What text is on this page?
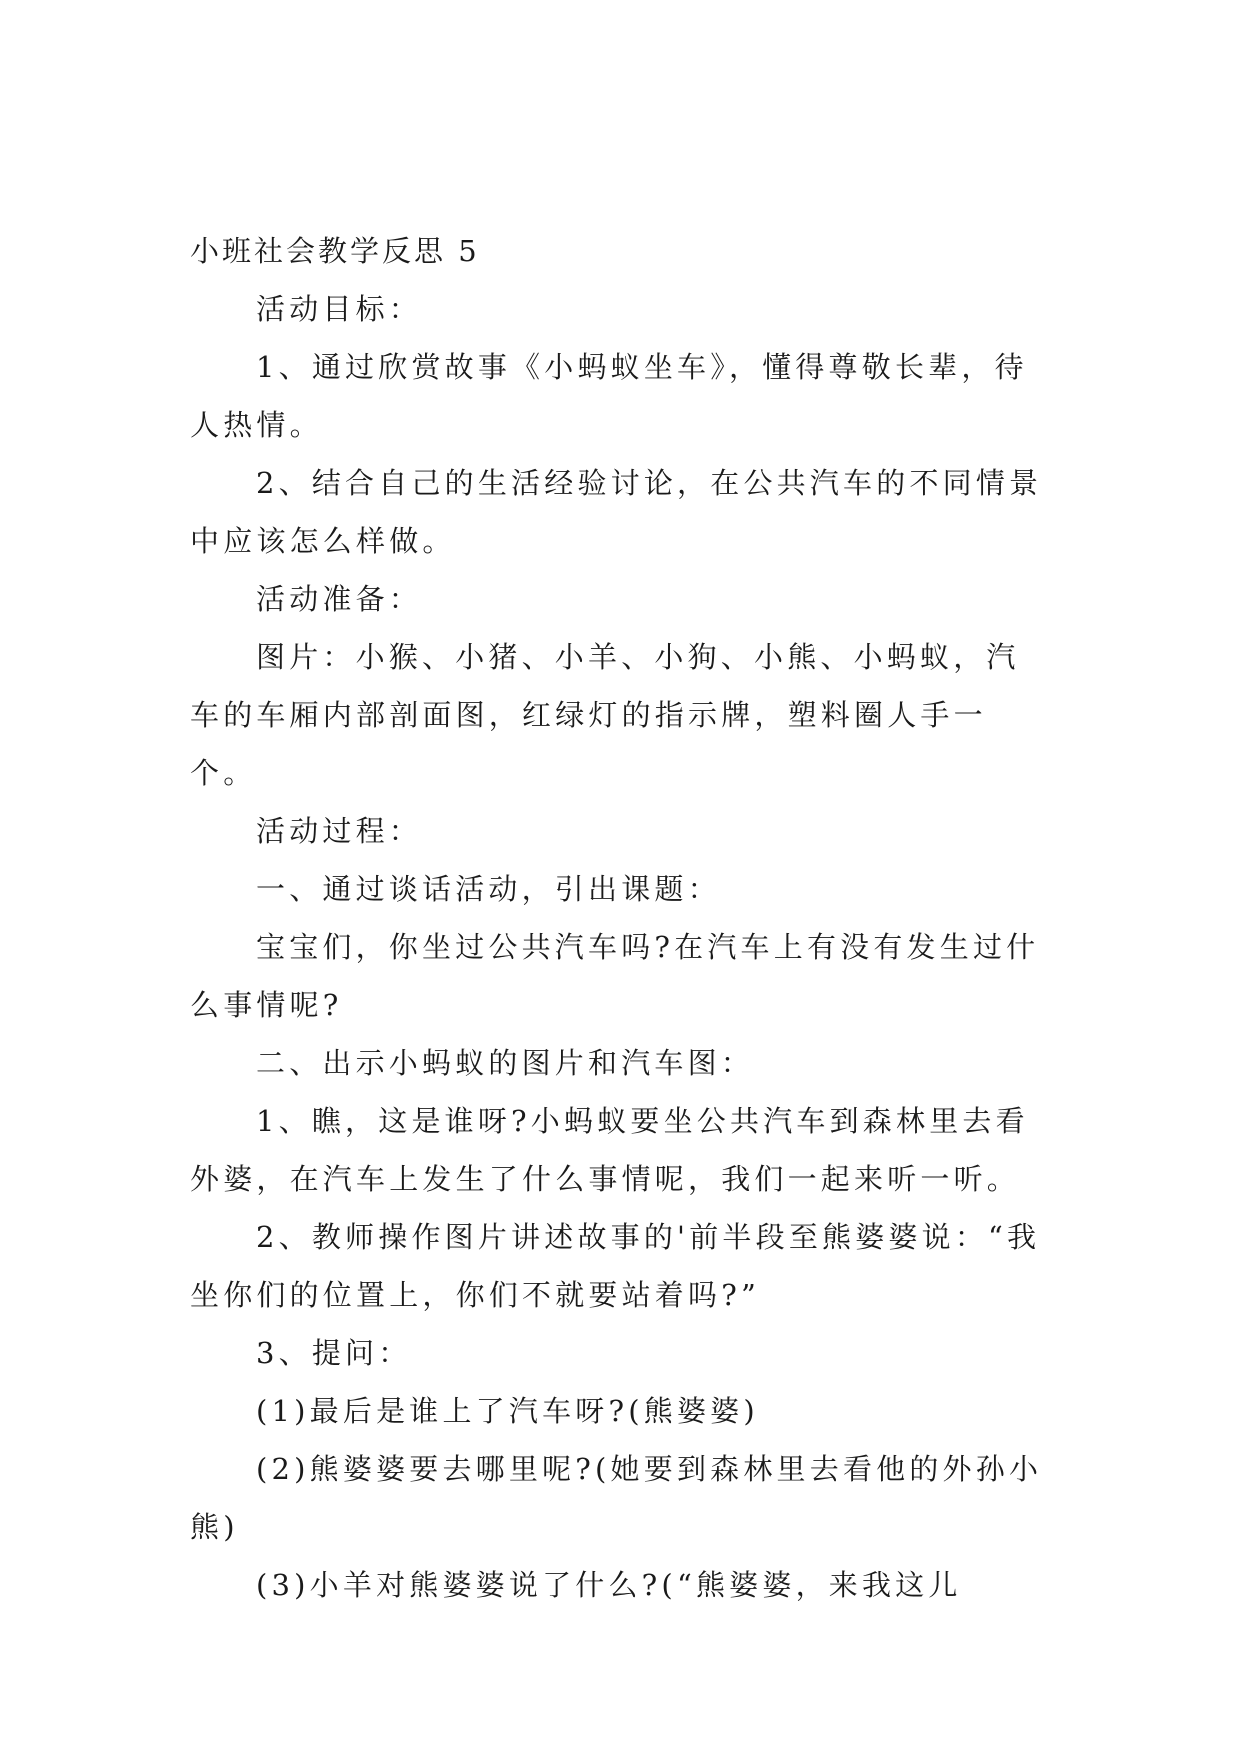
小班社会教学反思 5

活动目标：

1、通过欣赏故事《小蚂蚁坐车》，懂得尊敬长辈，待人热情。

2、结合自己的生活经验讨论，在公共汽车的不同情景中应该怎么样做。

活动准备：

图片：小猴、小猪、小羊、小狗、小熊、小蚂蚁，汽车的车厢内部剖面图，红绿灯的指示牌，塑料圈人手一个。

活动过程：

一、通过谈话活动，引出课题：

宝宝们，你坐过公共汽车吗?在汽车上有没有发生过什么事情呢?

二、出示小蚂蚁的图片和汽车图：

1、瞧，这是谁呀?小蚂蚁要坐公共汽车到森林里去看外婆，在汽车上发生了什么事情呢，我们一起来听一听。

2、教师操作图片讲述故事的'前半段至熊婆婆说：“我坐你们的位置上，你们不就要站着吗?”

3、提问：

(1)最后是谁上了汽车呀?(熊婆婆)

(2)熊婆婆要去哪里呢?(她要到森林里去看他的外孙小熊)

(3)小羊对熊婆婆说了什么?(“熊婆婆，来我这儿
